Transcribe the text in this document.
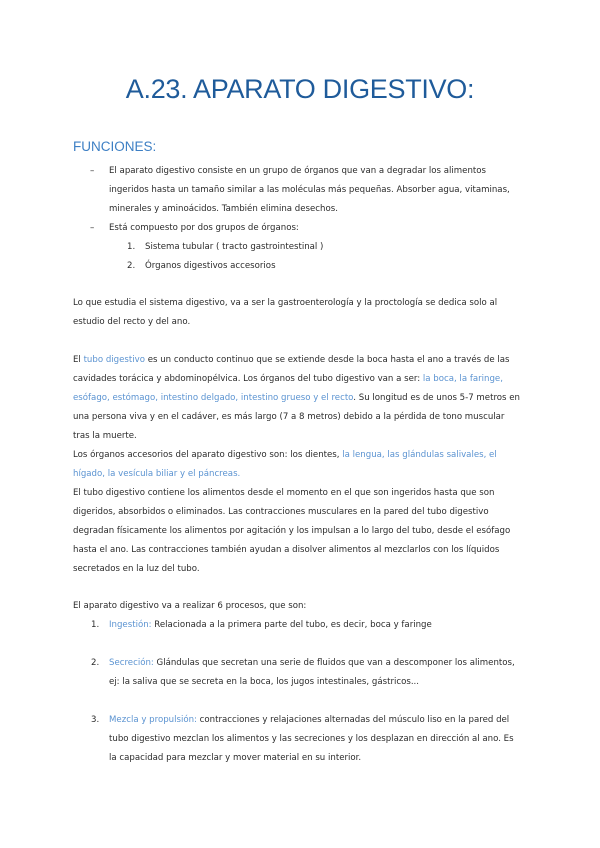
A.23. APARATO DIGESTIVO:
FUNCIONES:
– El aparato digestivo consiste en un grupo de órganos que van a degradar los alimentos
ingeridos hasta un tamaño similar a las moléculas más pequeñas. Absorber agua, vitaminas,
minerales y aminoácidos. También elimina desechos.
– Está compuesto por dos grupos de órganos:
1. Sistema tubular ( tracto gastrointestinal )
2. Órganos digestivos accesorios
Lo que estudia el sistema digestivo, va a ser la gastroenterología y la proctología se dedica solo al
estudio del recto y del ano.
El tubo digestivo es un conducto continuo que se extiende desde la boca hasta el ano a través de las
cavidades torácica y abdominopélvica. Los órganos del tubo digestivo van a ser: la boca, la faringe,
esófago, estómago, intestino delgado, intestino grueso y el recto. Su longitud es de unos 5-7 metros en
una persona viva y en el cadáver, es más largo (7 a 8 metros) debido a la pérdida de tono muscular
tras la muerte.
Los órganos accesorios del aparato digestivo son: los dientes, la lengua, las glándulas salivales, el
hígado, la vesícula biliar y el páncreas.
El tubo digestivo contiene los alimentos desde el momento en el que son ingeridos hasta que son
digeridos, absorbidos o eliminados. Las contracciones musculares en la pared del tubo digestivo
degradan físicamente los alimentos por agitación y los impulsan a lo largo del tubo, desde el esófago
hasta el ano. Las contracciones también ayudan a disolver alimentos al mezclarlos con los líquidos
secretados en la luz del tubo.
El aparato digestivo va a realizar 6 procesos, que son:
1. Ingestión: Relacionada a la primera parte del tubo, es decir, boca y faringe
2. Secreción: Glándulas que secretan una serie de fluidos que van a descomponer los alimentos,
ej: la saliva que se secreta en la boca, los jugos intestinales, gástricos...
3. Mezcla y propulsión: contracciones y relajaciones alternadas del músculo liso en la pared del
tubo digestivo mezclan los alimentos y las secreciones y los desplazan en dirección al ano. Es
la capacidad para mezclar y mover material en su interior.
